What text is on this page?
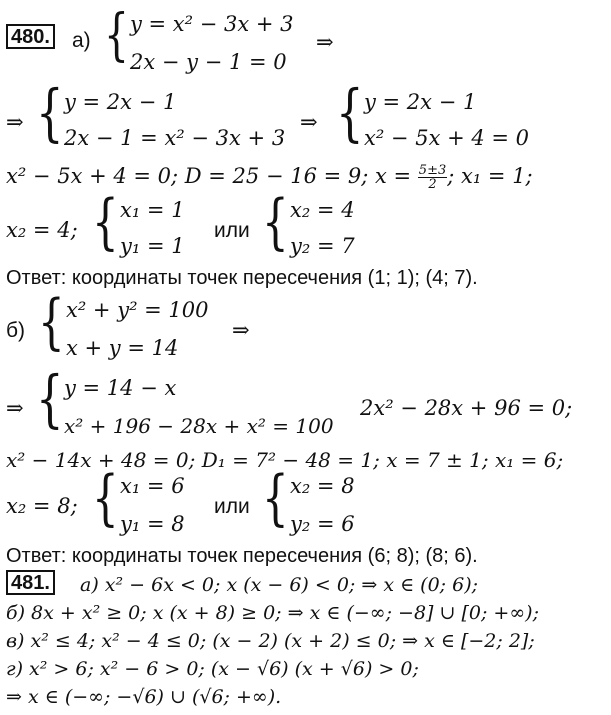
480. а) { y = x² − 3x + 3
2x − y − 1 = 0
⇒
⇒ { y = 2x − 1
2x − 1 = x² − 3x + 3
⇒ { y = 2x − 1
x² − 5x + 4 = 0
x² − 5x + 4 = 0; D = 25 − 16 = 9; $x = \frac{5\pm 3}{2}$ ; x₁ = 1;
x₂ = 4; { x₁ = 1
y₁ = 1
или { x₂ = 4
y₂ = 7
Ответ: координаты точек пересечения (1; 1); (4; 7).
б) { x² + y² = 100
x + y = 14
⇒
⇒ { y = 14 − x
x² + 196 − 28x + x² = 100
2x² − 28x + 96 = 0;
x² − 14x + 48 = 0; D₁ = 7² − 48 = 1; x = 7 ± 1; x₁ = 6;
x₂ = 8; { x₁ = 6
y₁ = 8
или { x₂ = 8
y₂ = 6
Ответ: координаты точек пересечения (6; 8); (8; 6).
481. а) x² − 6x < 0; x (x − 6) < 0; ⇒ x ∈ (0; 6);
б) 8x + x² ≥ 0; x (x + 8) ≥ 0; ⇒ x ∈ (−∞; −8] ∪ [0; +∞);
в) x² ≤ 4; x² − 4 ≤ 0; (x − 2) (x + 2) ≤ 0; ⇒ x ∈ [−2; 2];
г) x² > 6; x² − 6 > 0; (x − √6) (x + √6) > 0;
⇒ x ∈ (−∞; −√6) ∪ (√6; +∞).
